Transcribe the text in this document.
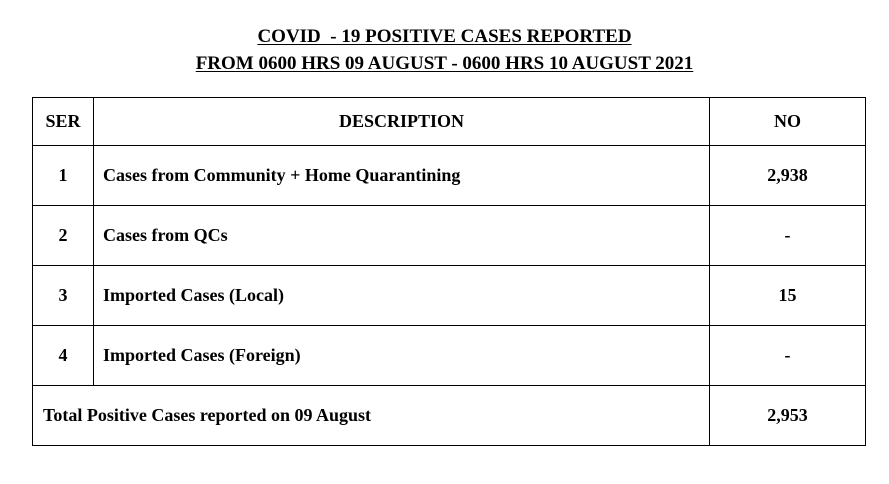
COVID  - 19 POSITIVE CASES REPORTED
FROM 0600 HRS 09 AUGUST - 0600 HRS 10 AUGUST 2021
SER	DESCRIPTION	NO
1	Cases from Community + Home Quarantining	2,938
2	Cases from QCs	-
3	Imported Cases (Local)	15
4	Imported Cases (Foreign)	-
Total Positive Cases reported on 09 August		2,953
